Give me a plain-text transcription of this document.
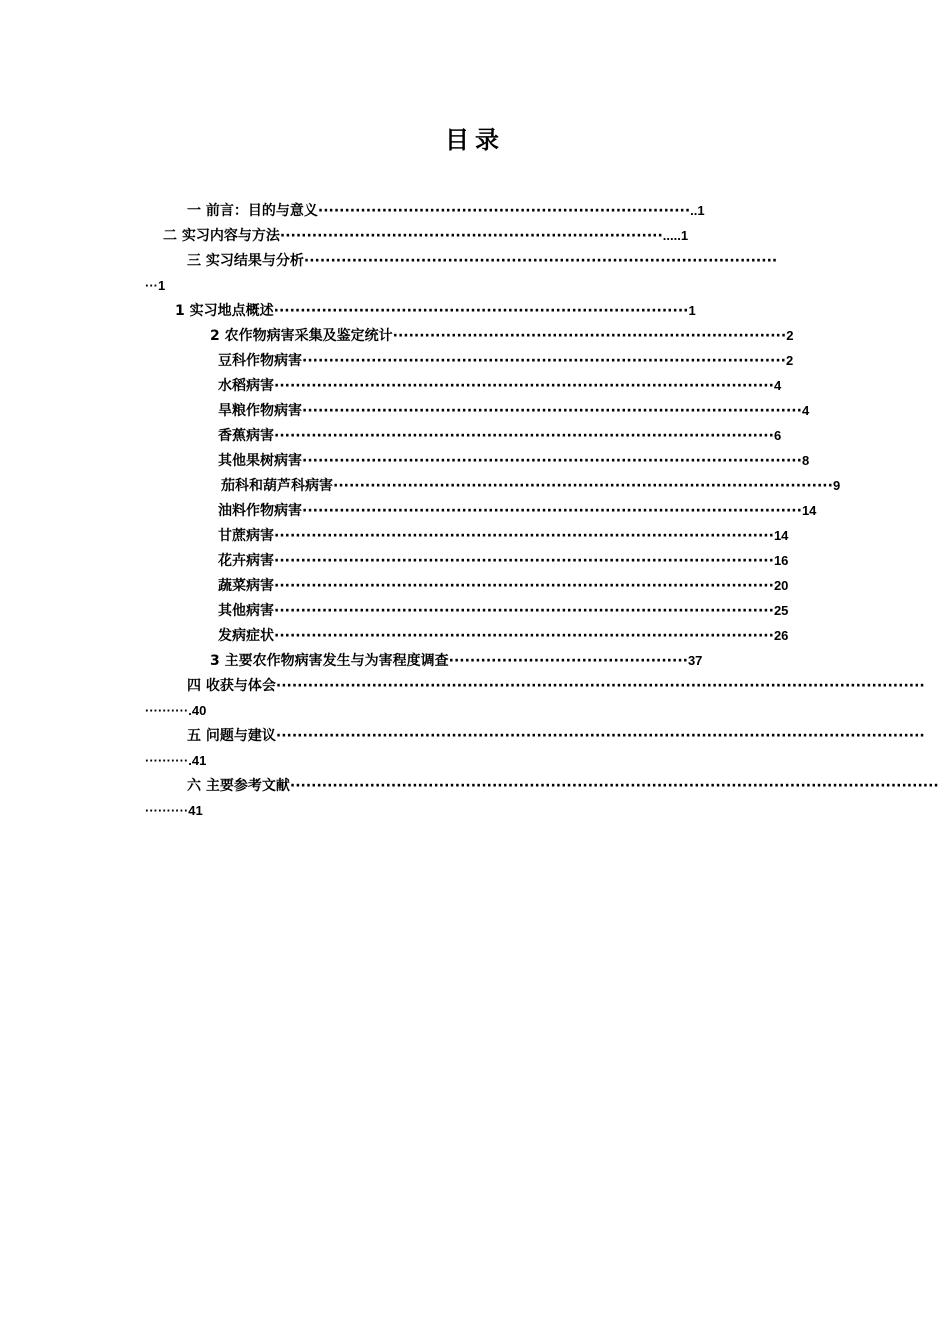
目录
一 前言：目的与意义······································································..1
二 实习内容与方法········································································.....1
三 实习结果与分析·························································································
···1
1 实习地点概述··············································································1
2 农作物病害采集及鉴定统计··········································································2
豆科作物病害···························································································2
水稻病害······························································································4
旱粮作物病害······························································································4
香蕉病害······························································································6
其他果树病害······························································································8
茄科和葫芦科病害······························································································9
油料作物病害······························································································14
甘蔗病害······························································································14
花卉病害······························································································16
蔬菜病害······························································································20
其他病害······························································································25
发病症状······························································································26
3 主要农作物病害发生与为害程度调查·············································37
四 收获与体会··························································································································
··········.40
五 问题与建议··························································································································
··········.41
六 主要参考文献··························································································································
··········41
